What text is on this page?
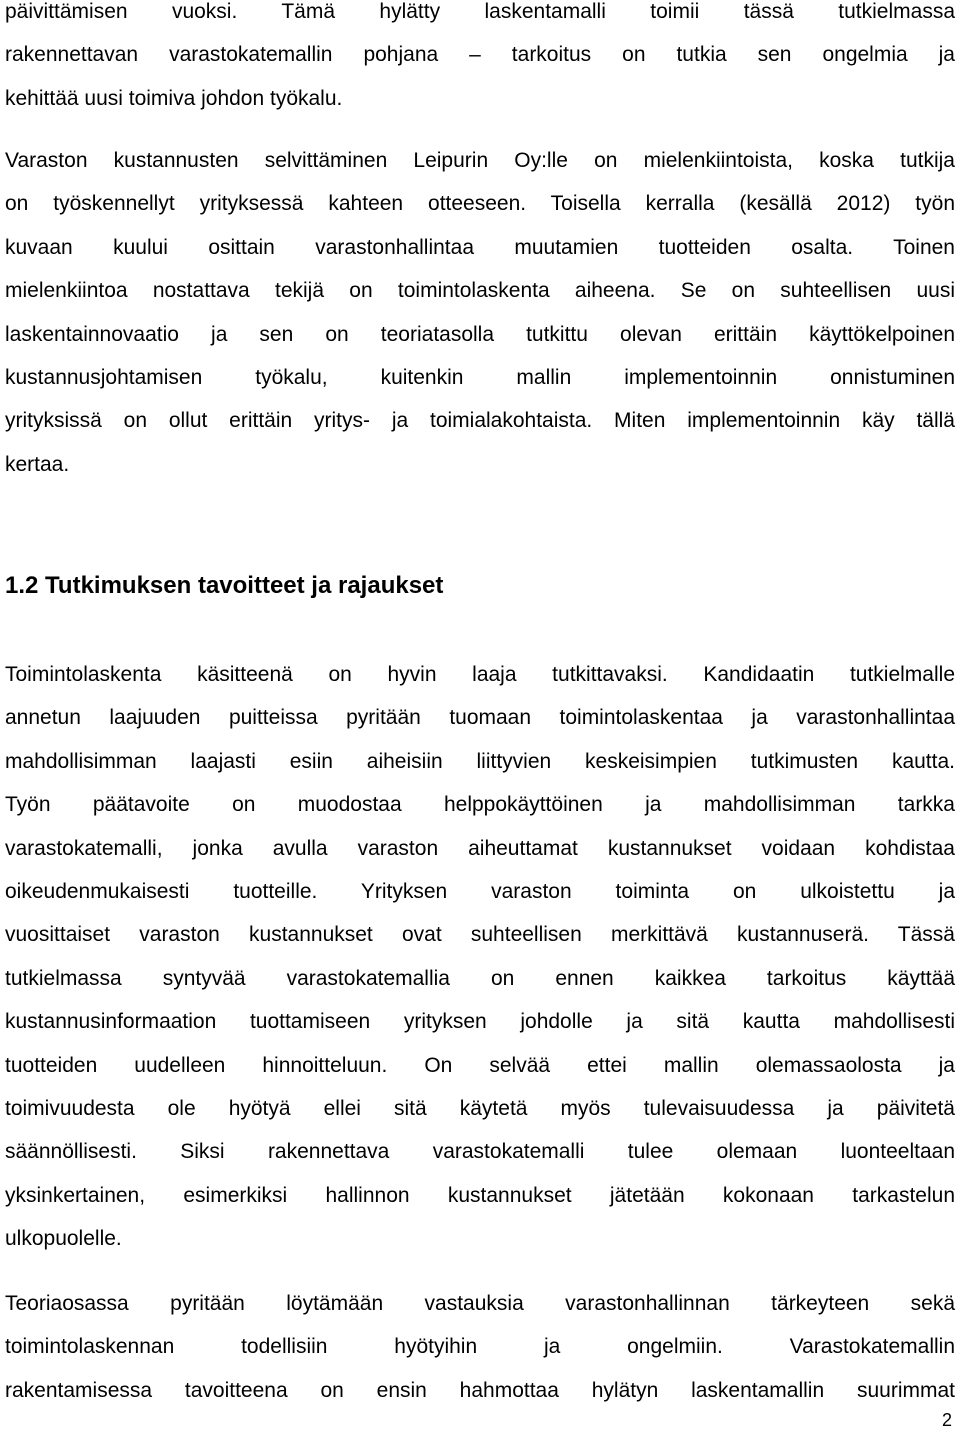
päivittämisen vuoksi. Tämä hylätty laskentamalli toimii tässä tutkielmassa
rakennettavan varastokatemallin pohjana – tarkoitus on tutkia sen ongelmia ja
kehittää uusi toimiva johdon työkalu.
Varaston kustannusten selvittäminen Leipurin Oy:lle on mielenkiintoista, koska tutkija
on työskennellyt yrityksessä kahteen otteeseen. Toisella kerralla (kesällä 2012) työn
kuvaan kuului osittain varastonhallintaa muutamien tuotteiden osalta. Toinen
mielenkiintoa nostattava tekijä on toimintolaskenta aiheena. Se on suhteellisen uusi
laskentainnovaatio ja sen on teoriatasolla tutkittu olevan erittäin käyttökelpoinen
kustannusjohtamisen työkalu, kuitenkin mallin implementoinnin onnistuminen
yrityksissä on ollut erittäin yritys- ja toimialakohtaista. Miten implementoinnin käy tällä
kertaa.
1.2 Tutkimuksen tavoitteet ja rajaukset
Toimintolaskenta käsitteenä on hyvin laaja tutkittavaksi. Kandidaatin tutkielmalle
annetun laajuuden puitteissa pyritään tuomaan toimintolaskentaa ja varastonhallintaa
mahdollisimman laajasti esiin aiheisiin liittyvien keskeisimpien tutkimusten kautta.
Työn päätavoite on muodostaa helppokäyttöinen ja mahdollisimman tarkka
varastokatemalli, jonka avulla varaston aiheuttamat kustannukset voidaan kohdistaa
oikeudenmukaisesti tuotteille. Yrityksen varaston toiminta on ulkoistettu ja
vuosittaiset varaston kustannukset ovat suhteellisen merkittävä kustannuserä. Tässä
tutkielmassa syntyvää varastokatemallia on ennen kaikkea tarkoitus käyttää
kustannusinformaation tuottamiseen yrityksen johdolle ja sitä kautta mahdollisesti
tuotteiden uudelleen hinnoitteluun. On selvää ettei mallin olemassaolosta ja
toimivuudesta ole hyötyä ellei sitä käytetä myös tulevaisuudessa ja päivitetä
säännöllisesti. Siksi rakennettava varastokatemalli tulee olemaan luonteeltaan
yksinkertainen, esimerkiksi hallinnon kustannukset jätetään kokonaan tarkastelun
ulkopuolelle.
Teoriaosassa pyritään löytämään vastauksia varastonhallinnan tärkeyteen sekä
toimintolaskennan todellisiin hyötyihin ja ongelmiin. Varastokatemallin
rakentamisessa tavoitteena on ensin hahmottaa hylätyn laskentamallin suurimmat
2
